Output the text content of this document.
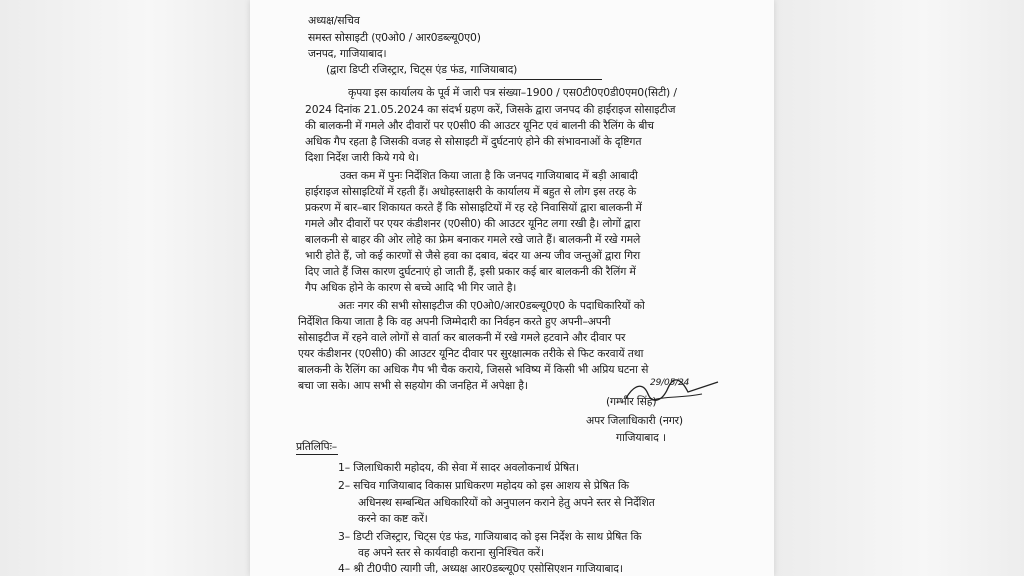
अध्यक्ष/सचिव
समस्त सोसाइटी (ए0ओ0 / आर0डब्ल्यू0ए0)
जनपद, गाजियाबाद।
(द्वारा डिप्टी रजिस्ट्रार, चिट्स एंड फंड, गाजियाबाद)
कृपया इस कार्यालय के पूर्व में जारी पत्र संख्या–1900 / एस0टी0ए0डी0एम0(सिटी) /
2024 दिनांक 21.05.2024 का संदर्भ ग्रहण करें, जिसके द्वारा जनपद की हाईराइज सोसाइटीज
की बालकनी में गमले और दीवारों पर ए0सी0 की आउटर यूनिट एवं बालनी की रैलिंग के बीच
अधिक गैप रहता है जिसकी वजह से सोसाइटी में दुर्घटनाएं होने की संभावनाओं के दृष्टिगत
दिशा निर्देश जारी किये गये थे।
उक्त कम में पुनः निर्देशित किया जाता है कि जनपद गाजियाबाद में बड़ी आबादी
हाईराइज सोसाइटियों में रहती हैं। अधोहस्ताक्षरी के कार्यालय में बहुत से लोग इस तरह के
प्रकरण में बार–बार शिकायत करते हैं कि सोसाइटियों में रह रहे निवासियों द्वारा बालकनी में
गमले और दीवारों पर एयर कंडीशनर (ए0सी0) की आउटर यूनिट लगा रखी है। लोगों द्वारा
बालकनी से बाहर की ओर लोहे का फ्रेम बनाकर गमले रखे जाते हैं। बालकनी में रखे गमले
भारी होते हैं, जो कई कारणों से जैसे हवा का दबाव, बंदर या अन्य जीव जन्तुओं द्वारा गिरा
दिए जाते हैं जिस कारण दुर्घटनाएं हो जाती हैं, इसी प्रकार कई बार बालकनी की रैलिंग में
गैप अधिक होने के कारण से बच्चे आदि भी गिर जाते है।
अतः नगर की सभी सोसाइटीज की ए0ओ0/आर0डब्ल्यू0ए0 के पदाधिकारियों को
निर्देशित किया जाता है कि वह अपनी जिम्मेदारी का निर्वहन करते हुए अपनी–अपनी
सोसाइटीज में रहने वाले लोगों से वार्ता कर बालकनी में रखे गमले हटवाने और दीवार पर
एयर कंडीशनर (ए0सी0) की आउटर यूनिट दीवार पर सुरक्षात्मक तरीके से फिट करवायें तथा
बालकनी के रैलिंग का अधिक गैप भी चैक कराये, जिससे भविष्य में किसी भी अप्रिय घटना से
बचा जा सके। आप सभी से सहयोग की जनहित में अपेक्षा है।	29/05/24
(गम्भीर सिंह)
अपर जिलाधिकारी (नगर)
गाजियाबाद ।
प्रतिलिपिः–
1– जिलाधिकारी महोदय, की सेवा में सादर अवलोकनार्थ प्रेषित।
2– सचिव गाजियाबाद विकास प्राधिकरण महोदय को इस आशय से प्रेषित कि
अधिनस्थ सम्बन्धित अधिकारियों को अनुपालन कराने हेतु अपने स्तर से निर्देशित
करने का कष्ट करें।
3– डिप्टी रजिस्ट्रार, चिट्स एंड फंड, गाजियाबाद को इस निर्देश के साथ प्रेषित कि
वह अपने स्तर से कार्यवाही कराना सुनिश्चित करें।
4– श्री टी0पी0 त्यागी जी, अध्यक्ष आर0डब्ल्यू0ए एसोसिएशन गाजियाबाद।
